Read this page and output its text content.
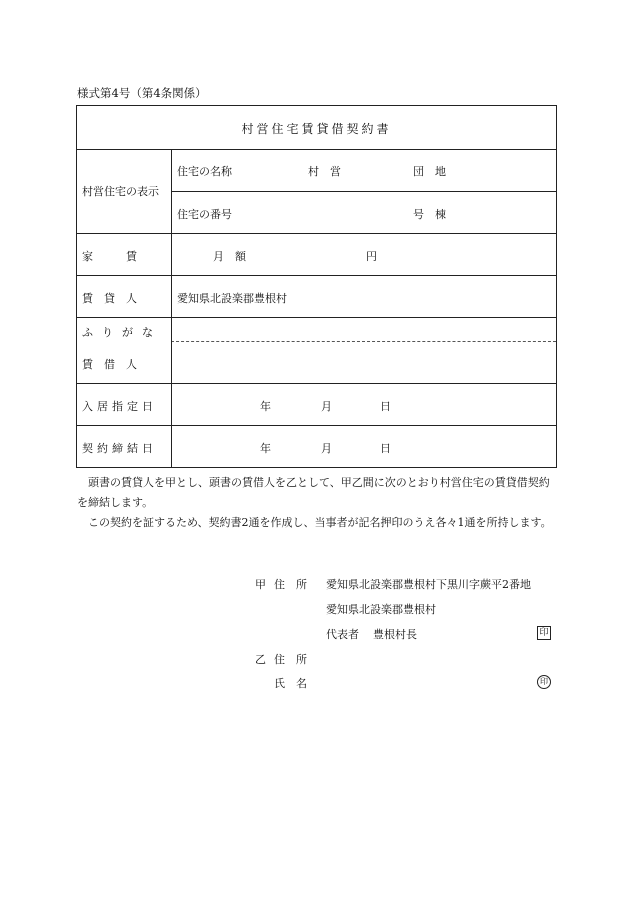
様式第4号（第4条関係）
村営住宅賃貸借契約書
村営住宅の表示
住宅の名称	村　営	団　地
住宅の番号	号　棟
家　　　賃	月　額	円
賃　貸　人	愛知県北設楽郡豊根村
ふりがな
賃　借　人
入居指定日	年	月	日
契約締結日	年	月	日
頭書の賃貸人を甲とし、頭書の賃借人を乙として、甲乙間に次のとおり村営住宅の賃貸借契約を締結します。
この契約を証するため、契約書2通を作成し、当事者が記名押印のうえ各々1通を所持します。
甲 住　所 愛知県北設楽郡豊根村下黒川字蕨平2番地
愛知県北設楽郡豊根村
代表者 豊根村長	印
乙 住　所
氏　名	印
